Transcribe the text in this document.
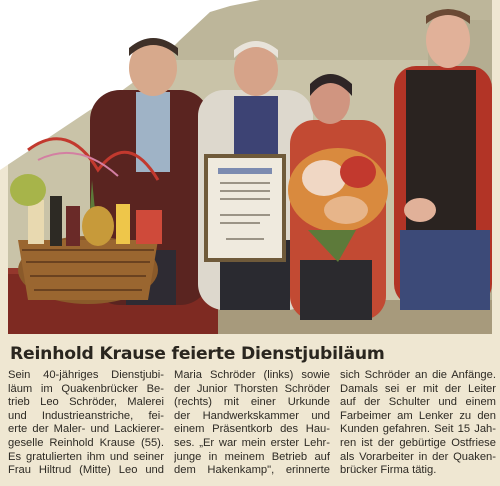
Reinhold Krause feierte Dienstjubiläum
Sein 40-jähriges Dienstjubi-
läum im Quakenbrücker Be-
trieb Leo Schröder, Malerei
und Industrieanstriche, fei-
erte der Maler- und Lackierer-
geselle Reinhold Krause (55).
Es gratulierten ihm und seiner
Frau Hiltrud (Mitte) Leo und
Maria Schröder (links) sowie
der Junior Thorsten Schröder
(rechts) mit einer Urkunde
der Handwerkskammer und
einem Präsentkorb des Hau-
ses. „Er war mein erster Lehr-
junge in meinem Betrieb auf
dem Hakenkamp", erinnerte
sich Schröder an die Anfänge.
Damals sei er mit der Leiter
auf der Schulter und einem
Farbeimer am Lenker zu den
Kunden gefahren. Seit 15 Jah-
ren ist der gebürtige Ostfriese
als Vorarbeiter in der Quaken-
brücker Firma tätig.
